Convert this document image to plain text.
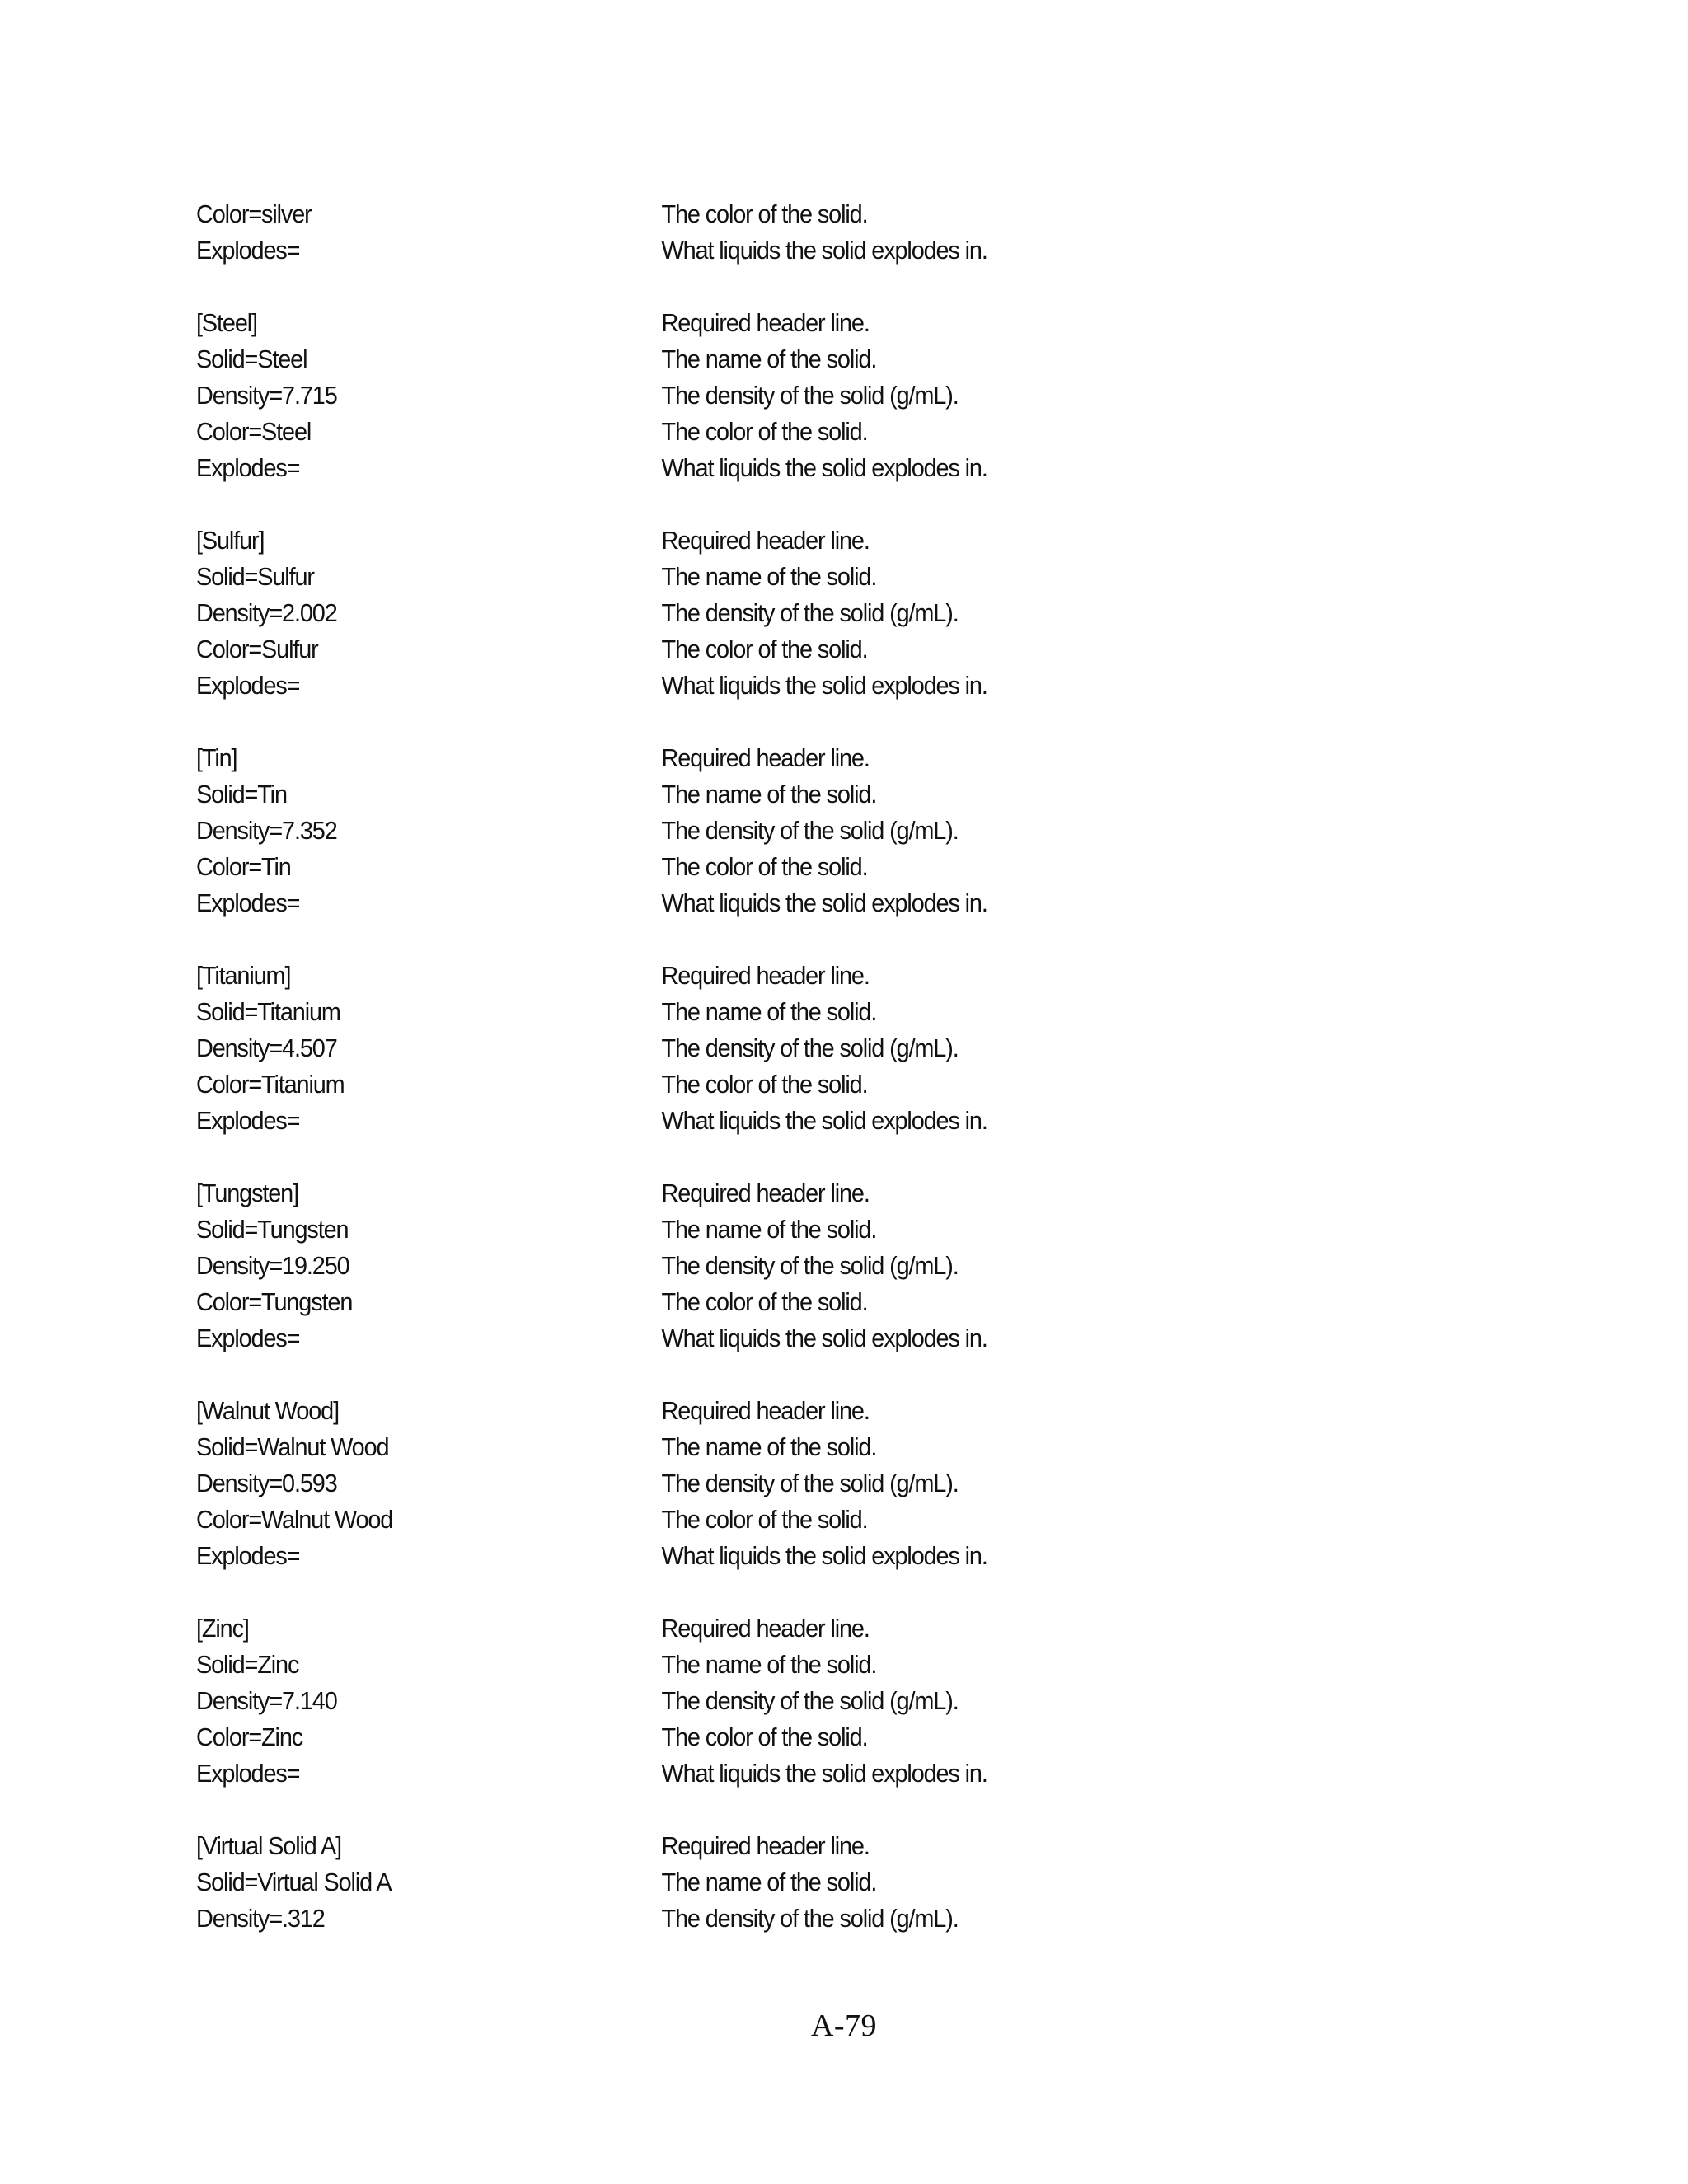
Color=silver	The color of the solid.
Explodes=	What liquids the solid explodes in.
[Steel]	Required header line.
Solid=Steel	The name of the solid.
Density=7.715	The density of the solid (g/mL).
Color=Steel	The color of the solid.
Explodes=	What liquids the solid explodes in.
[Sulfur]	Required header line.
Solid=Sulfur	The name of the solid.
Density=2.002	The density of the solid (g/mL).
Color=Sulfur	The color of the solid.
Explodes=	What liquids the solid explodes in.
[Tin]	Required header line.
Solid=Tin	The name of the solid.
Density=7.352	The density of the solid (g/mL).
Color=Tin	The color of the solid.
Explodes=	What liquids the solid explodes in.
[Titanium]	Required header line.
Solid=Titanium	The name of the solid.
Density=4.507	The density of the solid (g/mL).
Color=Titanium	The color of the solid.
Explodes=	What liquids the solid explodes in.
[Tungsten]	Required header line.
Solid=Tungsten	The name of the solid.
Density=19.250	The density of the solid (g/mL).
Color=Tungsten	The color of the solid.
Explodes=	What liquids the solid explodes in.
[Walnut Wood]	Required header line.
Solid=Walnut Wood	The name of the solid.
Density=0.593	The density of the solid (g/mL).
Color=Walnut Wood	The color of the solid.
Explodes=	What liquids the solid explodes in.
[Zinc]	Required header line.
Solid=Zinc	The name of the solid.
Density=7.140	The density of the solid (g/mL).
Color=Zinc	The color of the solid.
Explodes=	What liquids the solid explodes in.
[Virtual Solid A]	Required header line.
Solid=Virtual Solid A	The name of the solid.
Density=.312	The density of the solid (g/mL).
A-79
